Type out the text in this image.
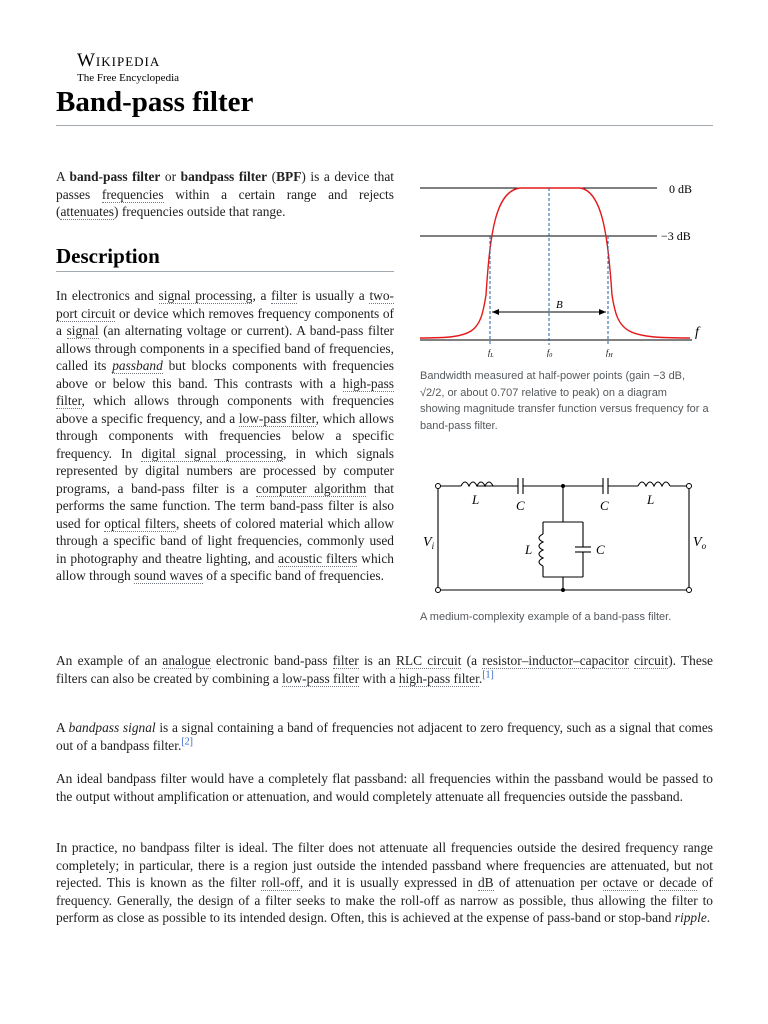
Wikipedia
The Free Encyclopedia
Band-pass filter

A band-pass filter or bandpass filter (BPF) is a device that passes frequencies within a certain range and rejects (attenuates) frequencies outside that range.

Description

In electronics and signal processing, a filter is usually a two-port circuit or device which removes frequency components of a signal (an alternating voltage or current). A band-pass filter allows through components in a specified band of frequencies, called its passband but blocks components with frequencies above or below this band. This contrasts with a high-pass filter, which allows through components with frequencies above a specific frequency, and a low-pass filter, which allows through components with frequencies below a specific frequency. In digital signal processing, in which signals represented by digital numbers are processed by computer programs, a band-pass filter is a computer algorithm that performs the same function. The term band-pass filter is also used for optical filters, sheets of colored material which allow through a specific band of light frequencies, commonly used in photography and theatre lighting, and acoustic filters which allow through sound waves of a specific band of frequencies.

An example of an analogue electronic band-pass filter is an RLC circuit (a resistor–inductor–capacitor circuit). These filters can also be created by combining a low-pass filter with a high-pass filter.[1]

A bandpass signal is a signal containing a band of frequencies not adjacent to zero frequency, such as a signal that comes out of a bandpass filter.[2]

An ideal bandpass filter would have a completely flat passband: all frequencies within the passband would be passed to the output without amplification or attenuation, and would completely attenuate all frequencies outside the passband.

In practice, no bandpass filter is ideal. The filter does not attenuate all frequencies outside the desired frequency range completely; in particular, there is a region just outside the intended passband where frequencies are attenuated, but not rejected. This is known as the filter roll-off, and it is usually expressed in dB of attenuation per octave or decade of frequency. Generally, the design of a filter seeks to make the roll-off as narrow as possible, thus allowing the filter to perform as close as possible to its intended design. Often, this is achieved at the expense of pass-band or stop-band ripple.

0 dB
−3 dB
B
f
$f_L$	$f_0$	$f_H$
Bandwidth measured at half-power points (gain −3 dB, √2/2, or about 0.707 relative to peak) on a diagram showing magnitude transfer function versus frequency for a band-pass filter.
L	C	C	L
L	C
$V_i$	$V_o$
A medium-complexity example of a band-pass filter.
